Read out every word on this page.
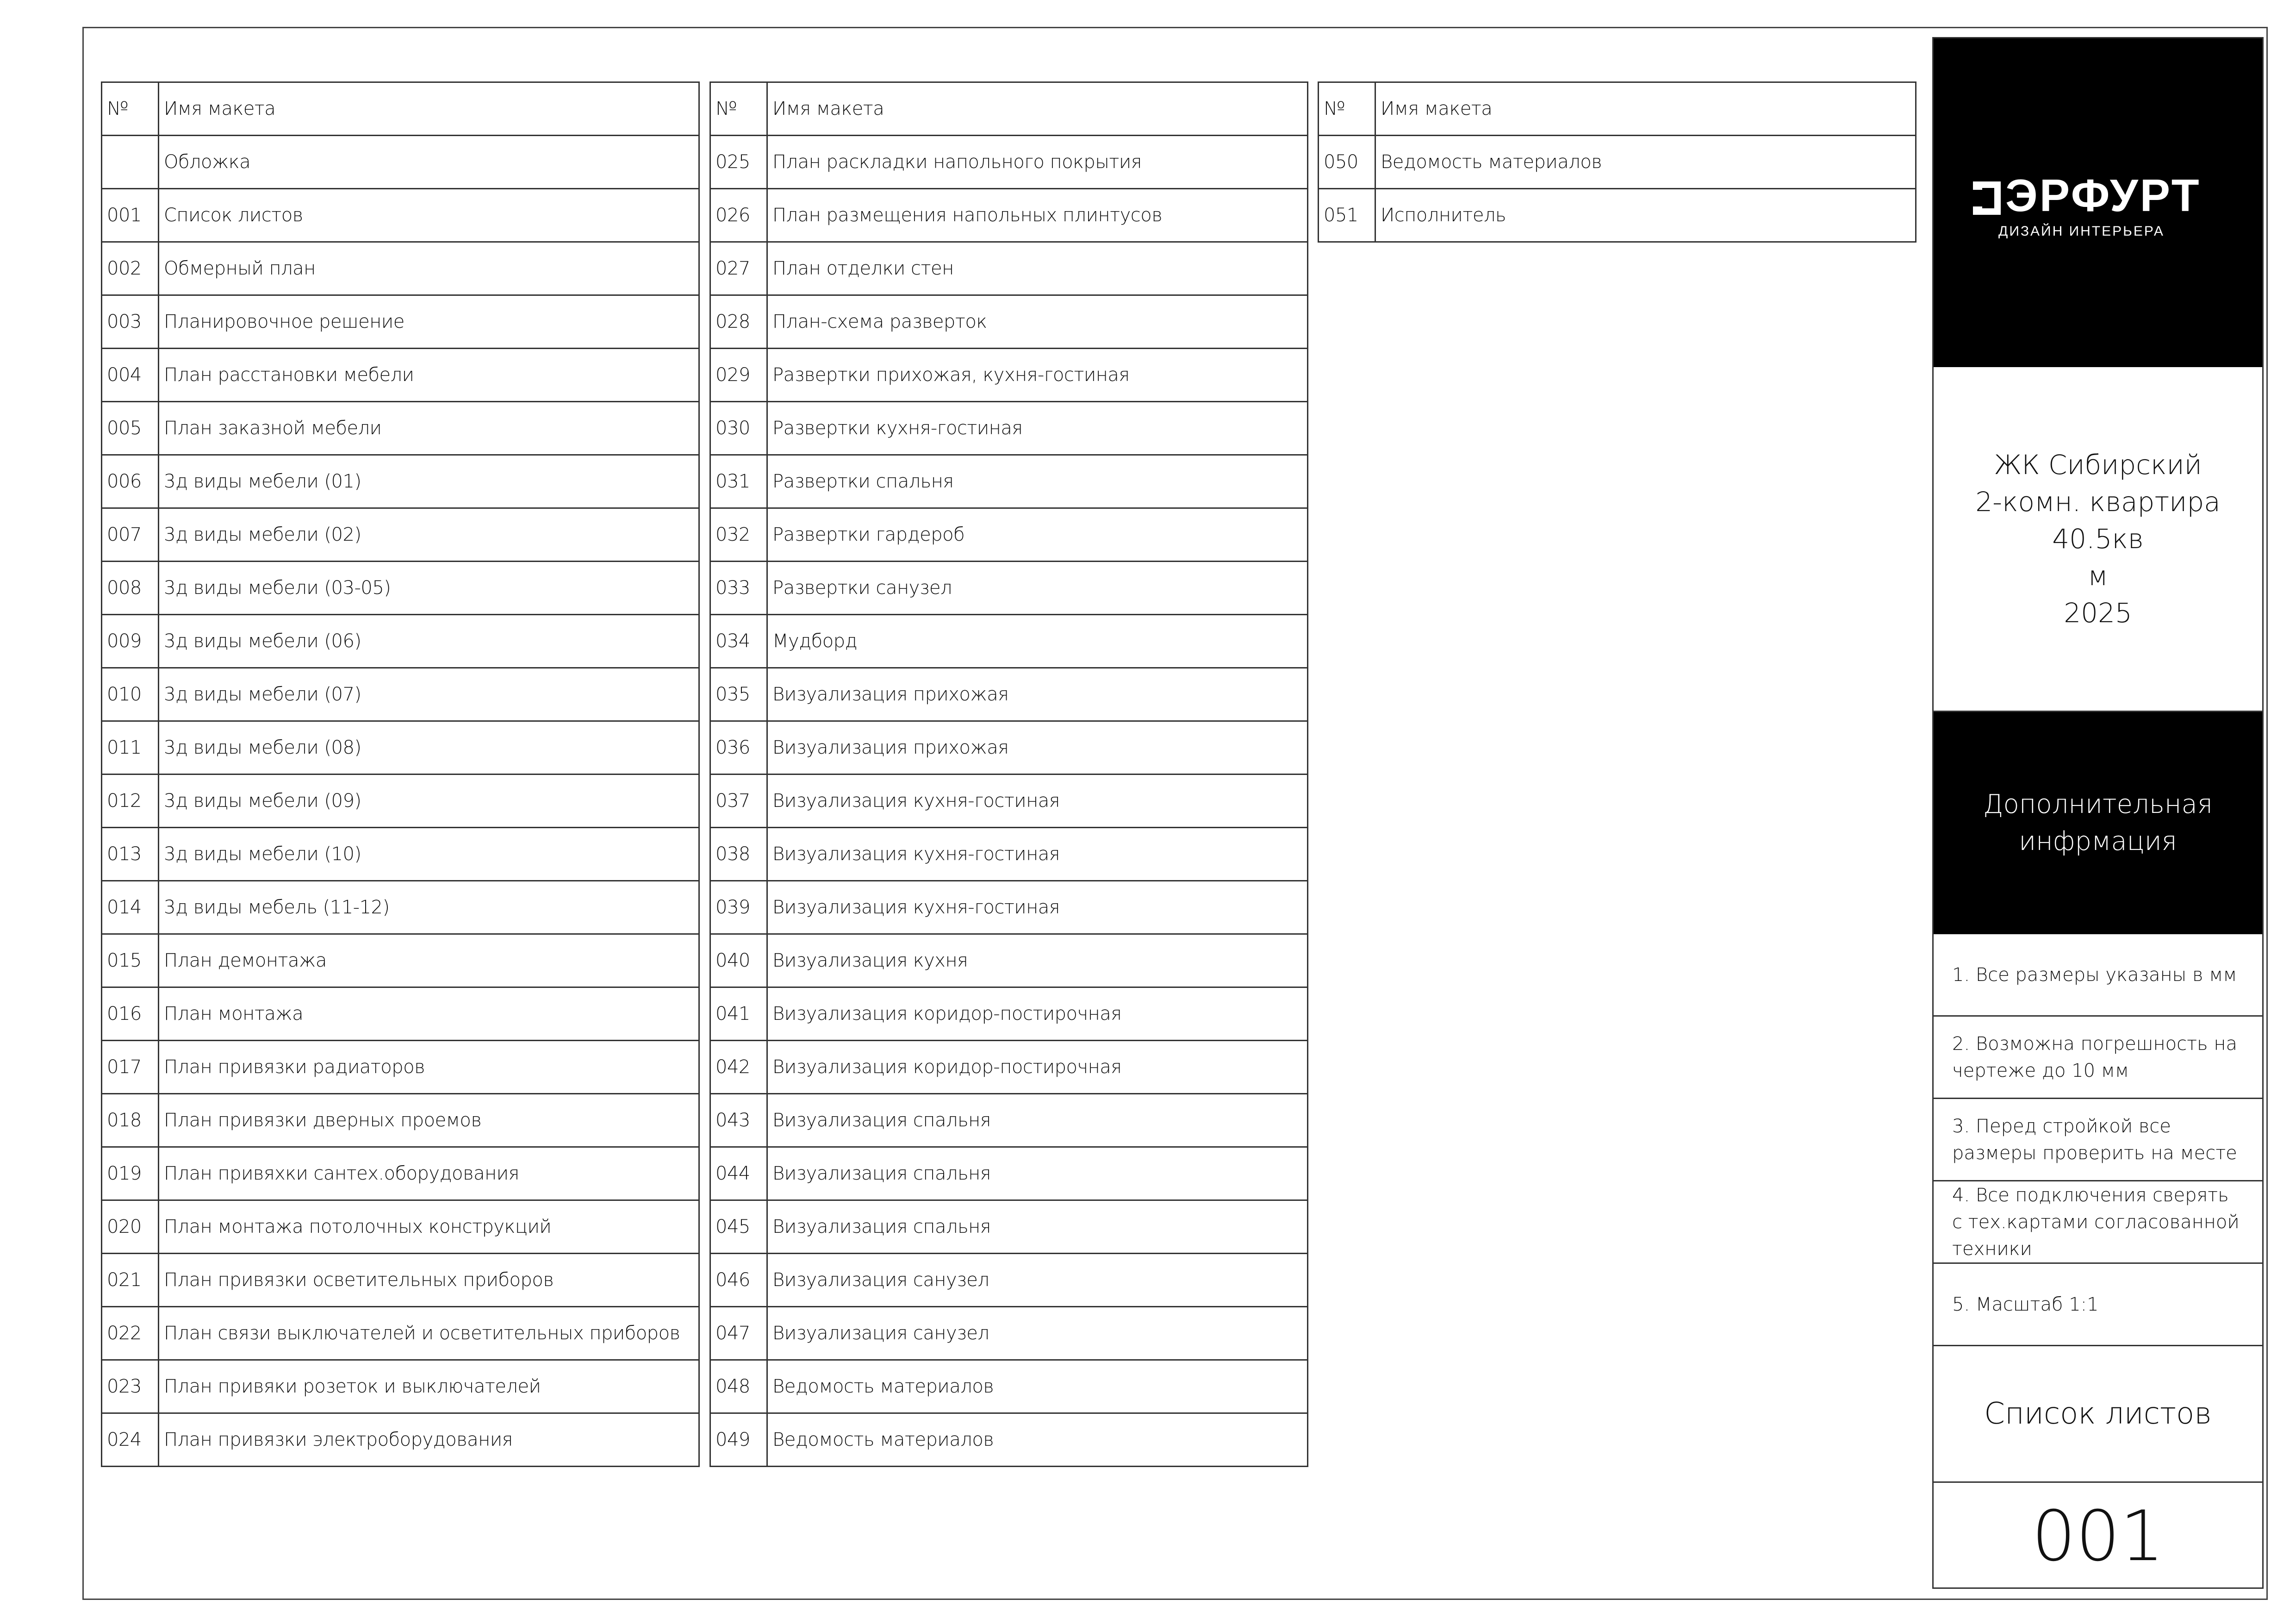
№	Имя макета
	Обложка
001	Список листов
002	Обмерный план
003	Планировочное решение
004	План расстановки мебели
005	План заказной мебели
006	3д виды мебели (01)
007	3д виды мебели (02)
008	3д виды мебели (03-05)
009	3д виды мебели (06)
010	3д виды мебели (07)
011	3д виды мебели (08)
012	3д виды мебели (09)
013	3д виды мебели (10)
014	3д виды мебель (11-12)
015	План демонтажа
016	План монтажа
017	План привязки радиаторов
018	План привязки дверных проемов
019	План привяхки сантех.оборудования
020	План монтажа потолочных конструкций
021	План привязки осветительных приборов
022	План связи выключателей и осветительных приборов
023	План привяки розеток и выключателей
024	План привязки электроборудования
№	Имя макета
025	План раскладки напольного покрытия
026	План размещения напольных плинтусов
027	План отделки стен
028	План-схема разверток
029	Развертки прихожая, кухня-гостиная
030	Развертки кухня-гостиная
031	Развертки спальня
032	Развертки гардероб
033	Развертки санузел
034	Мудборд
035	Визуализация прихожая
036	Визуализация прихожая
037	Визуализация кухня-гостиная
038	Визуализация кухня-гостиная
039	Визуализация кухня-гостиная
040	Визуализация кухня
041	Визуализация коридор-постирочная
042	Визуализация коридор-постирочная
043	Визуализация спальня
044	Визуализация спальня
045	Визуализация спальня
046	Визуализация санузел
047	Визуализация санузел
048	Ведомость материалов
049	Ведомость материалов
№	Имя макета
050	Ведомость материалов
051	Исполнитель	ЭРФУРТ
ДИЗАЙН ИНТЕРЬЕРА
ЖК Сибирский
2-комн. квартира 40.5кв
м
2025
Дополнительная
инфрмация
1. Все размеры указаны в мм
2. Возможна погрешность на чертеже до 10 мм
3. Перед стройкой все размеры проверить на месте
4. Все подключения сверять с тех.картами согласованной техники
5. Масштаб 1:1
Список листов
001
